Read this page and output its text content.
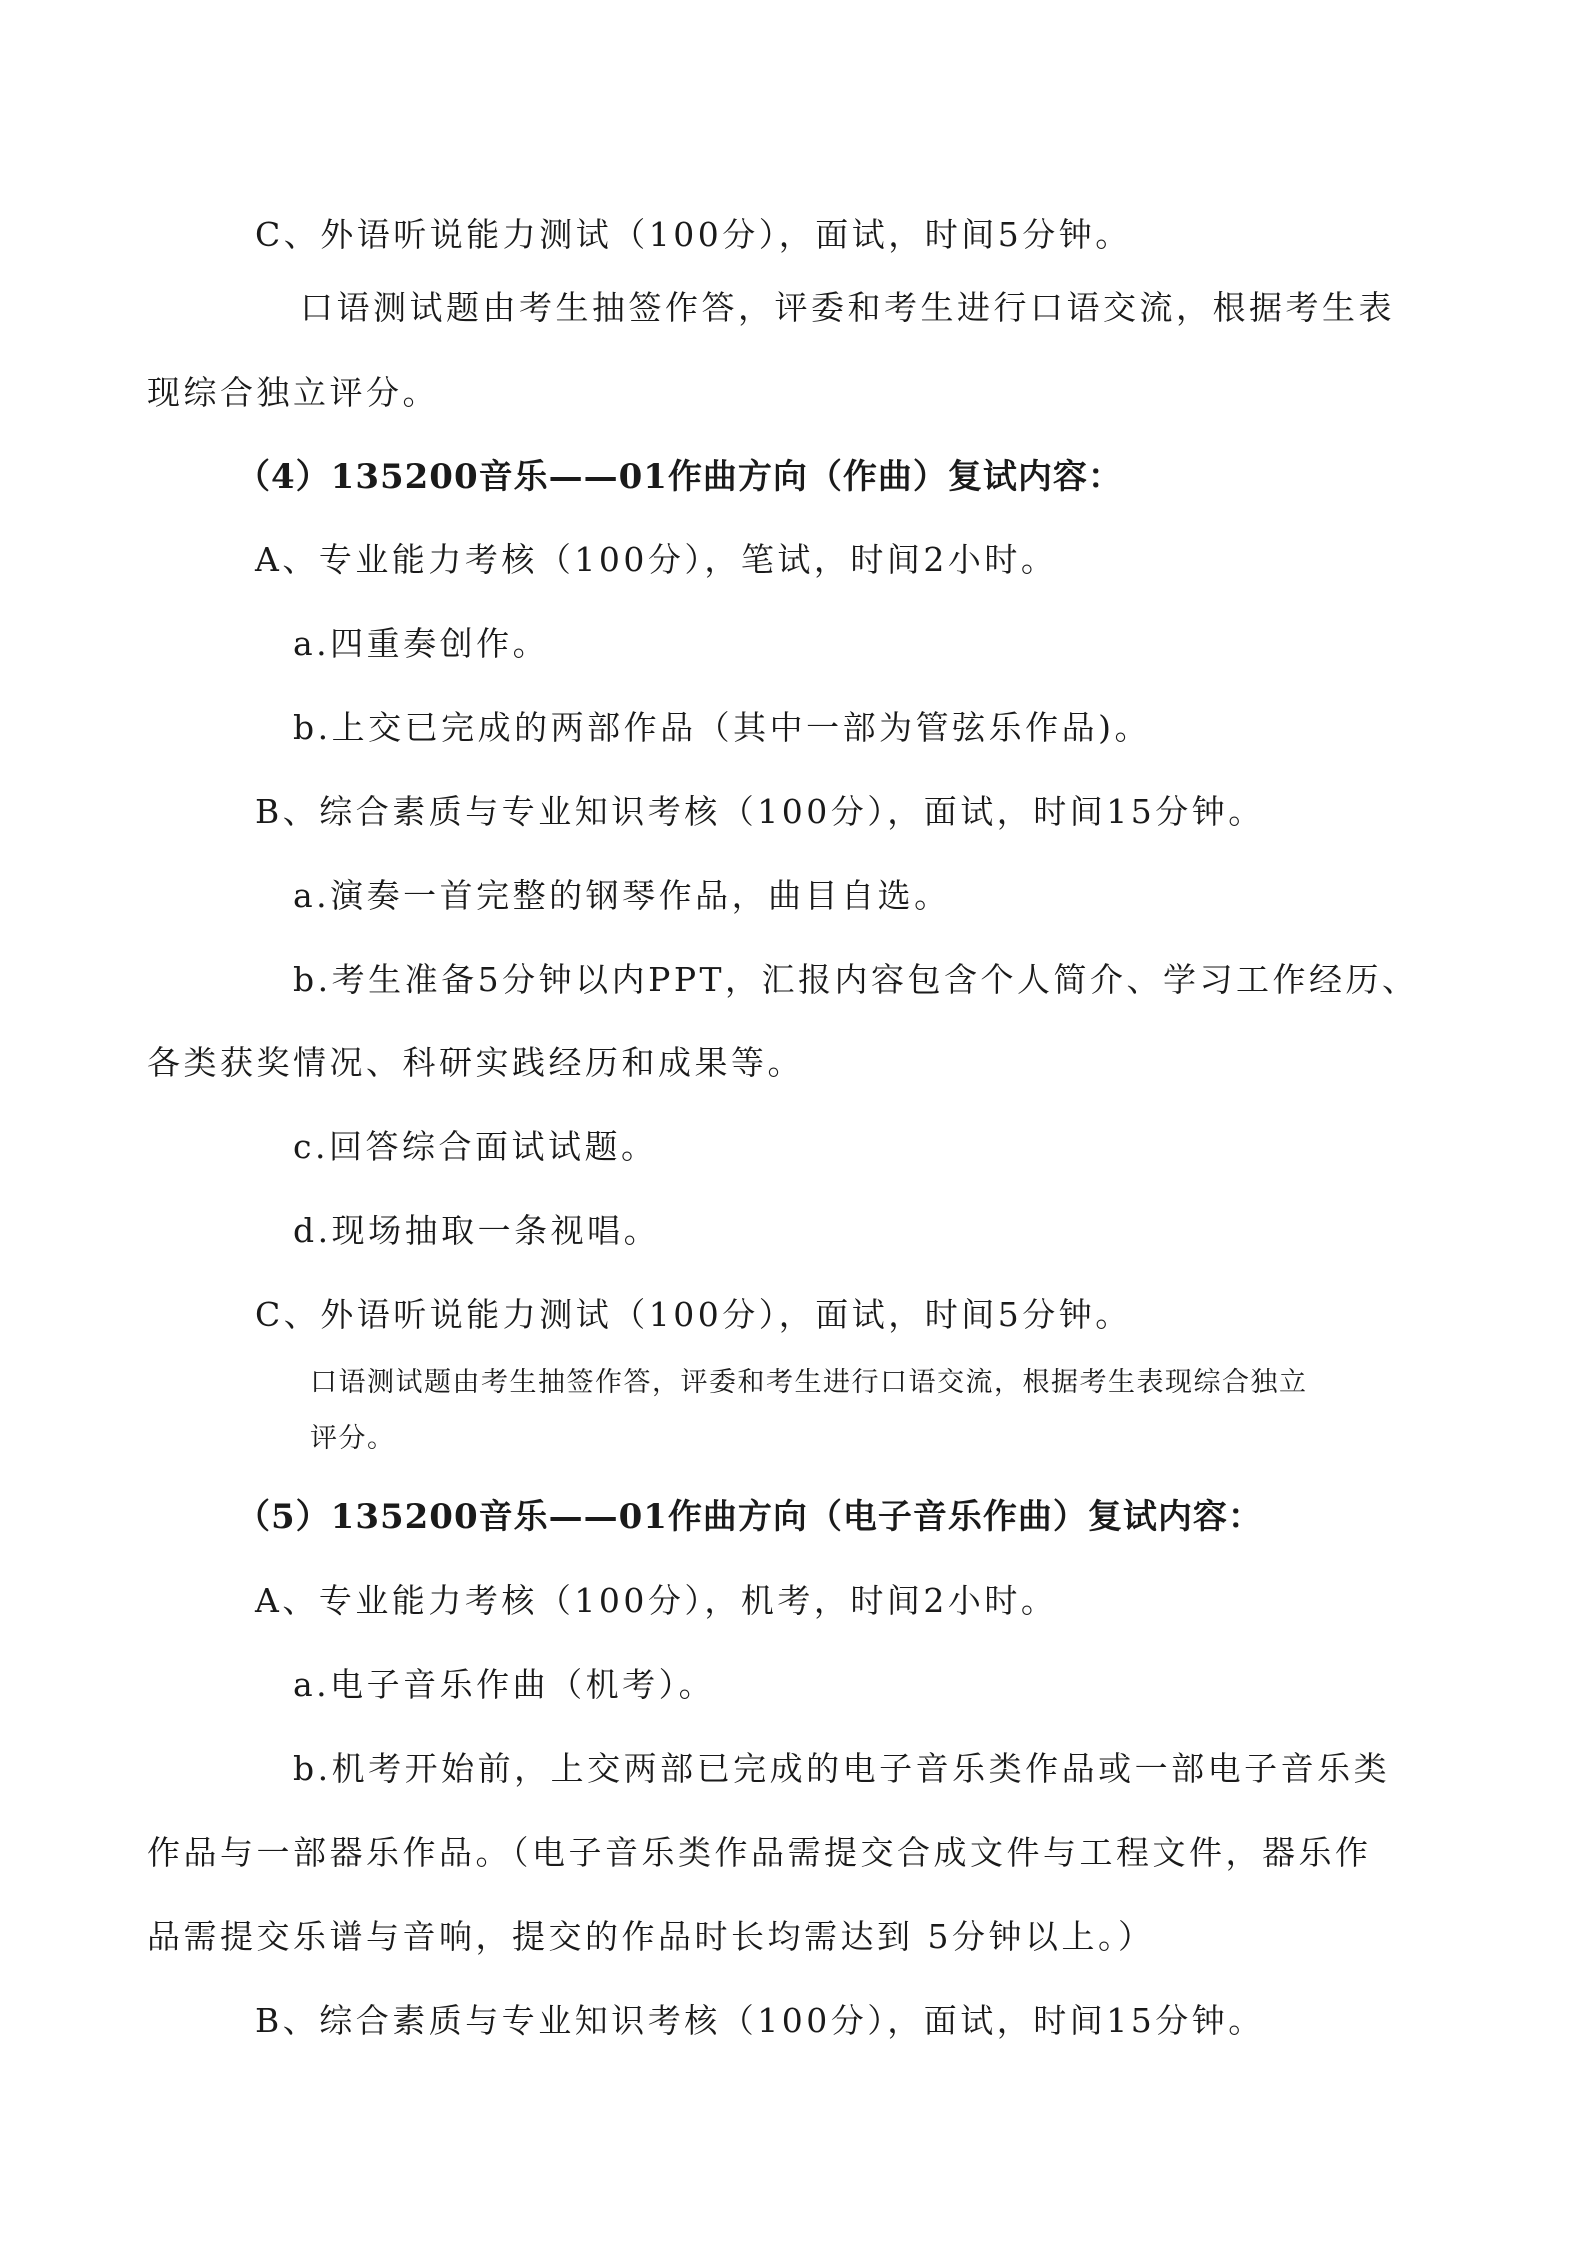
C、外语听说能力测试（100分），面试，时间5分钟。
口语测试题由考生抽签作答，评委和考生进行口语交流，根据考生表
现综合独立评分。
（4）135200音乐——01作曲方向（作曲）复试内容：
A、专业能力考核（100分），笔试，时间2小时。
a.四重奏创作。
b.上交已完成的两部作品（其中一部为管弦乐作品)。
B、综合素质与专业知识考核（100分），面试，时间15分钟。
a.演奏一首完整的钢琴作品，曲目自选。
b.考生准备5分钟以内PPT，汇报内容包含个人简介、学习工作经历、
各类获奖情况、科研实践经历和成果等。
c.回答综合面试试题。
d.现场抽取一条视唱。
C、外语听说能力测试（100分），面试，时间5分钟。
口语测试题由考生抽签作答，评委和考生进行口语交流，根据考生表现综合独立
评分。
（5）135200音乐——01作曲方向（电子音乐作曲）复试内容：
A、专业能力考核（100分），机考，时间2小时。
a.电子音乐作曲（机考）。
b.机考开始前，上交两部已完成的电子音乐类作品或一部电子音乐类
作品与一部器乐作品。（电子音乐类作品需提交合成文件与工程文件，器乐作
品需提交乐谱与音响，提交的作品时长均需达到 5分钟以上。）
B、综合素质与专业知识考核（100分），面试，时间15分钟。
